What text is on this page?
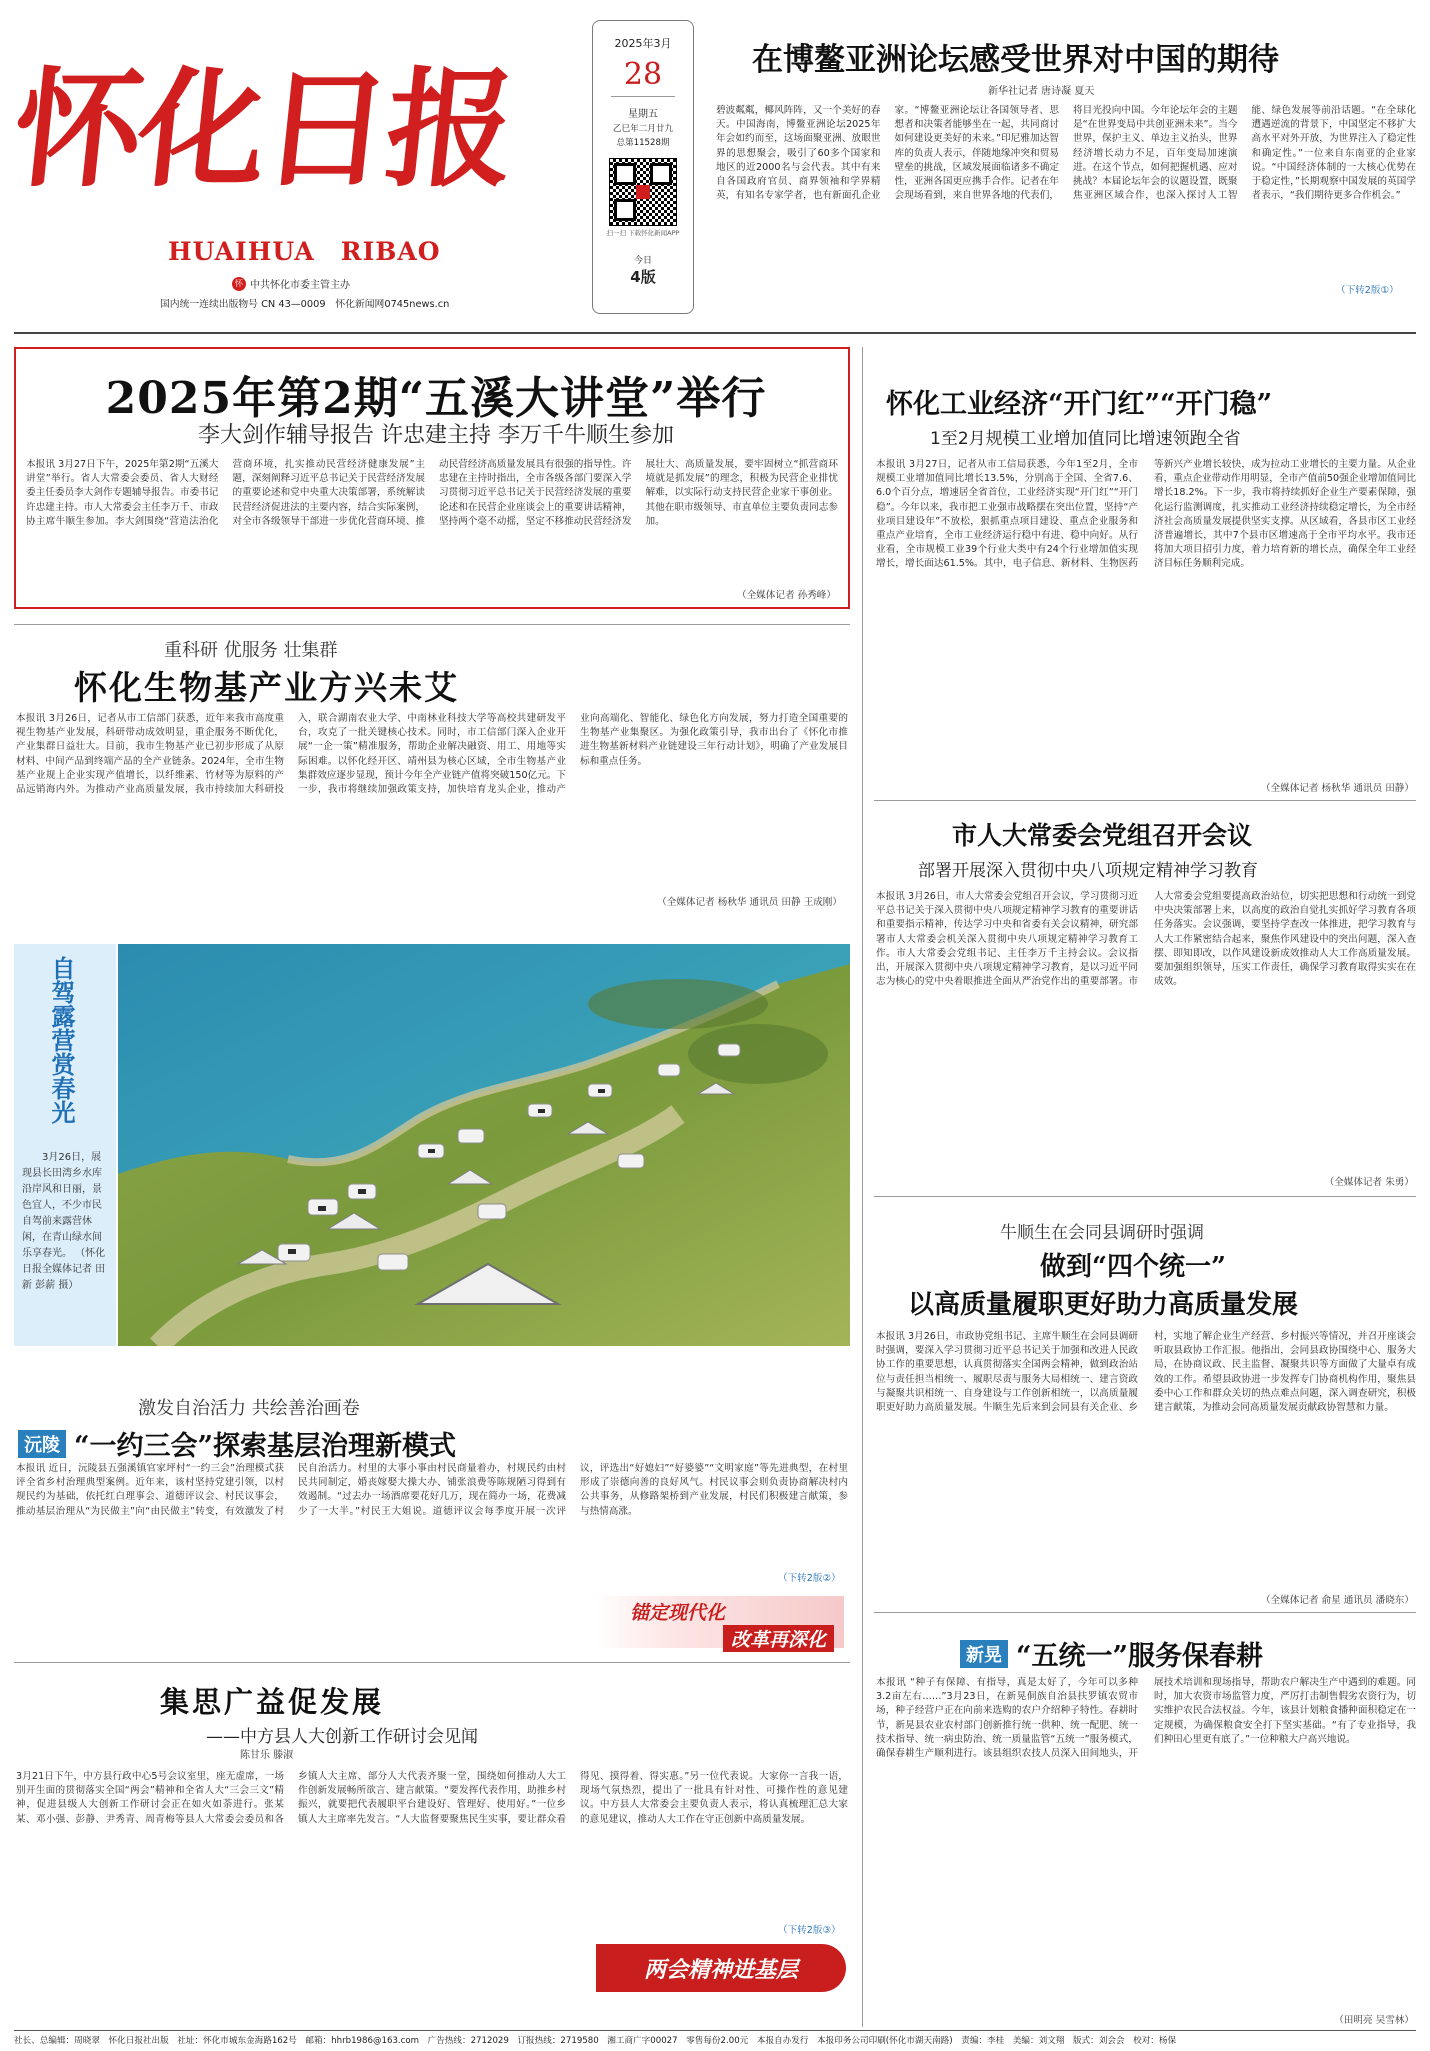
怀化日报
HUAIHUA　RIBAO
怀 中共怀化市委主管主办
国内统一连续出版物号 CN 43—0009　怀化新闻网0745news.cn
2025年3月
28
星期五
乙巳年二月廿九
总第11528期
扫一扫 下载怀化新闻APP
今日
4版
在博鳌亚洲论坛感受世界对中国的期待
新华社记者 唐诗凝 夏天
碧波粼粼，椰风阵阵，又一个美好的春天。中国海南，博鳌亚洲论坛2025年年会如约而至，这场面聚亚洲、放眼世界的思想聚会，吸引了60多个国家和地区的近2000名与会代表。其中有来自各国政府官员、商界领袖和学界精英，有知名专家学者，也有新面孔企业家。“博鳌亚洲论坛让各国领导者、思想者和决策者能够坐在一起，共同商讨如何建设更美好的未来。”印尼雅加达智库的负责人表示，伴随地缘冲突和贸易壁垒的挑战，区域发展面临诸多不确定性，亚洲各国更应携手合作。记者在年会现场看到，来自世界各地的代表们，将目光投向中国。今年论坛年会的主题是“在世界变局中共创亚洲未来”。当今世界，保护主义、单边主义抬头，世界经济增长动力不足，百年变局加速演进。在这个节点，如何把握机遇、应对挑战？本届论坛年会的议题设置，既聚焦亚洲区域合作，也深入探讨人工智能、绿色发展等前沿话题。“在全球化遭遇逆流的背景下，中国坚定不移扩大高水平对外开放，为世界注入了稳定性和确定性。”一位来自东南亚的企业家说。“中国经济体制的一大核心优势在于稳定性，”长期观察中国发展的英国学者表示，“我们期待更多合作机会。”
（下转2版①）
2025年第2期“五溪大讲堂”举行
李大剑作辅导报告 许忠建主持 李万千牛顺生参加
本报讯 3月27日下午，2025年第2期“五溪大讲堂”举行。省人大常委会委员、省人大财经委主任委员李大剑作专题辅导报告。市委书记许忠建主持。市人大常委会主任李万千、市政协主席牛顺生参加。李大剑围绕“营造法治化营商环境，扎实推动民营经济健康发展”主题，深刻阐释习近平总书记关于民营经济发展的重要论述和党中央重大决策部署，系统解读民营经济促进法的主要内容，结合实际案例，对全市各级领导干部进一步优化营商环境、推动民营经济高质量发展具有很强的指导性。许忠建在主持时指出，全市各级各部门要深入学习贯彻习近平总书记关于民营经济发展的重要论述和在民营企业座谈会上的重要讲话精神，坚持两个毫不动摇，坚定不移推动民营经济发展壮大、高质量发展，要牢固树立“抓营商环境就是抓发展”的理念，积极为民营企业排忧解难，以实际行动支持民营企业家干事创业。其他在职市级领导、市直单位主要负责同志参加。
（全媒体记者 孙秀峰）
重科研 优服务 壮集群
怀化生物基产业方兴未艾
本报讯 3月26日，记者从市工信部门获悉，近年来我市高度重视生物基产业发展，科研带动成效明显，重企服务不断优化，产业集群日益壮大。目前，我市生物基产业已初步形成了从原材料、中间产品到终端产品的全产业链条。2024年，全市生物基产业规上企业实现产值增长，以纤维素、竹材等为原料的产品远销海内外。为推动产业高质量发展，我市持续加大科研投入，联合湖南农业大学、中南林业科技大学等高校共建研发平台，攻克了一批关键核心技术。同时，市工信部门深入企业开展“一企一策”精准服务，帮助企业解决融资、用工、用地等实际困难。以怀化经开区、靖州县为核心区域，全市生物基产业集群效应逐步显现，预计今年全产业链产值将突破150亿元。下一步，我市将继续加强政策支持，加快培育龙头企业，推动产业向高端化、智能化、绿色化方向发展，努力打造全国重要的生物基产业集聚区。为强化政策引导，我市出台了《怀化市推进生物基新材料产业链建设三年行动计划》，明确了产业发展目标和重点任务。
（全媒体记者 杨秋华 通讯员 田静 王成刚）
自驾露营赏春光
3月26日，展现县长田湾乡水库沿岸风和日丽，景色宜人，不少市民自驾前来露营休闲，在青山绿水间乐享春光。 （怀化日报全媒体记者 田新 彭薪 摄）
激发自治活力 共绘善治画卷
沅陵 “一约三会”探索基层治理新模式
本报讯 近日，沅陵县五强溪镇官家坪村“一约三会”治理模式获评全省乡村治理典型案例。近年来，该村坚持党建引领，以村规民约为基础，依托红白理事会、道德评议会、村民议事会，推动基层治理从“为民做主”向“由民做主”转变，有效激发了村民自治活力。村里的大事小事由村民商量着办，村规民约由村民共同制定，婚丧嫁娶大操大办、铺张浪费等陈规陋习得到有效遏制。“过去办一场酒席要花好几万，现在简办一场，花费减少了一大半。”村民王大姐说。道德评议会每季度开展一次评议，评选出“好媳妇”“好婆婆”“文明家庭”等先进典型，在村里形成了崇德向善的良好风气。村民议事会则负责协商解决村内公共事务，从修路架桥到产业发展，村民们积极建言献策，参与热情高涨。
（下转2版②）
锚定现代化
改革再深化
集思广益促发展
——中方县人大创新工作研讨会见闻
陈甘乐 滕淑
3月21日下午，中方县行政中心5号会议室里，座无虚席，一场别开生面的贯彻落实全国“两会”精神和全省人大“三会三文”精神，促进县级人大创新工作研讨会正在如火如荼进行。张某某、邓小强、彭静、尹秀青、周青梅等县人大常委会委员和各乡镇人大主席、部分人大代表齐聚一堂，围绕如何推动人大工作创新发展畅所欲言、建言献策。“要发挥代表作用，助推乡村振兴，就要把代表履职平台建设好、管理好、使用好。”一位乡镇人大主席率先发言。“人大监督要聚焦民生实事，要让群众看得见、摸得着、得实惠。”另一位代表说。大家你一言我一语，现场气氛热烈，提出了一批具有针对性、可操作性的意见建议。中方县人大常委会主要负责人表示，将认真梳理汇总大家的意见建议，推动人大工作在守正创新中高质量发展。
（下转2版③）
两会精神进基层
怀化工业经济“开门红”“开门稳”
1至2月规模工业增加值同比增速领跑全省
本报讯 3月27日，记者从市工信局获悉，今年1至2月，全市规模工业增加值同比增长13.5%，分别高于全国、全省7.6、6.0个百分点，增速居全省首位，工业经济实现“开门红”“开门稳”。今年以来，我市把工业强市战略摆在突出位置，坚持“产业项目建设年”不放松，狠抓重点项目建设、重点企业服务和重点产业培育，全市工业经济运行稳中有进、稳中向好。从行业看，全市规模工业39个行业大类中有24个行业增加值实现增长，增长面达61.5%。其中，电子信息、新材料、生物医药等新兴产业增长较快，成为拉动工业增长的主要力量。从企业看，重点企业带动作用明显，全市产值前50强企业增加值同比增长18.2%。下一步，我市将持续抓好企业生产要素保障，强化运行监测调度，扎实推动工业经济持续稳定增长，为全市经济社会高质量发展提供坚实支撑。从区域看，各县市区工业经济普遍增长，其中7个县市区增速高于全市平均水平。我市还将加大项目招引力度，着力培育新的增长点，确保全年工业经济目标任务顺利完成。
（全媒体记者 杨秋华 通讯员 田静）
市人大常委会党组召开会议
部署开展深入贯彻中央八项规定精神学习教育
本报讯 3月26日，市人大常委会党组召开会议，学习贯彻习近平总书记关于深入贯彻中央八项规定精神学习教育的重要讲话和重要指示精神，传达学习中央和省委有关会议精神，研究部署市人大常委会机关深入贯彻中央八项规定精神学习教育工作。市人大常委会党组书记、主任李万千主持会议。会议指出，开展深入贯彻中央八项规定精神学习教育，是以习近平同志为核心的党中央着眼推进全面从严治党作出的重要部署。市人大常委会党组要提高政治站位，切实把思想和行动统一到党中央决策部署上来，以高度的政治自觉扎实抓好学习教育各项任务落实。会议强调，要坚持学查改一体推进，把学习教育与人大工作紧密结合起来，聚焦作风建设中的突出问题，深入查摆、即知即改，以作风建设新成效推动人大工作高质量发展。要加强组织领导，压实工作责任，确保学习教育取得实实在在成效。
（全媒体记者 朱勇）
牛顺生在会同县调研时强调
做到“四个统一”
以高质量履职更好助力高质量发展
本报讯 3月26日，市政协党组书记、主席牛顺生在会同县调研时强调，要深入学习贯彻习近平总书记关于加强和改进人民政协工作的重要思想，认真贯彻落实全国两会精神，做到政治站位与责任担当相统一、履职尽责与服务大局相统一、建言资政与凝聚共识相统一、自身建设与工作创新相统一，以高质量履职更好助力高质量发展。牛顺生先后来到会同县有关企业、乡村，实地了解企业生产经营、乡村振兴等情况，并召开座谈会听取县政协工作汇报。他指出，会同县政协围绕中心、服务大局，在协商议政、民主监督、凝聚共识等方面做了大量卓有成效的工作。希望县政协进一步发挥专门协商机构作用，聚焦县委中心工作和群众关切的热点难点问题，深入调查研究，积极建言献策，为推动会同高质量发展贡献政协智慧和力量。
（全媒体记者 俞星 通讯员 潘晓东）
新晃 “五统一”服务保春耕
本报讯 “种子有保障、有指导，真是太好了，今年可以多种3.2亩左右……”3月23日，在新晃侗族自治县扶罗镇农贸市场，种子经营户正在向前来选购的农户介绍种子特性。春耕时节，新晃县农业农村部门创新推行统一供种、统一配肥、统一技术指导、统一病虫防治、统一质量监管“五统一”服务模式，确保春耕生产顺利进行。该县组织农技人员深入田间地头，开展技术培训和现场指导，帮助农户解决生产中遇到的难题。同时，加大农资市场监管力度，严厉打击制售假劣农资行为，切实维护农民合法权益。今年，该县计划粮食播种面积稳定在一定规模，为确保粮食安全打下坚实基础。“有了专业指导，我们种田心里更有底了。”一位种粮大户高兴地说。
（田明亮 吴雪林）
社长、总编辑：周晓翠　怀化日报社出版　社址：怀化市城东金海路162号　邮箱：hhrb1986@163.com　广告热线：2712029　订报热线：2719580　湘工商广字00027　零售每份2.00元　本报自办发行　本报印务公司印刷(怀化市湖天南路)　责编：李桂　美编：刘文翔　版式：刘会会　校对：杨保
